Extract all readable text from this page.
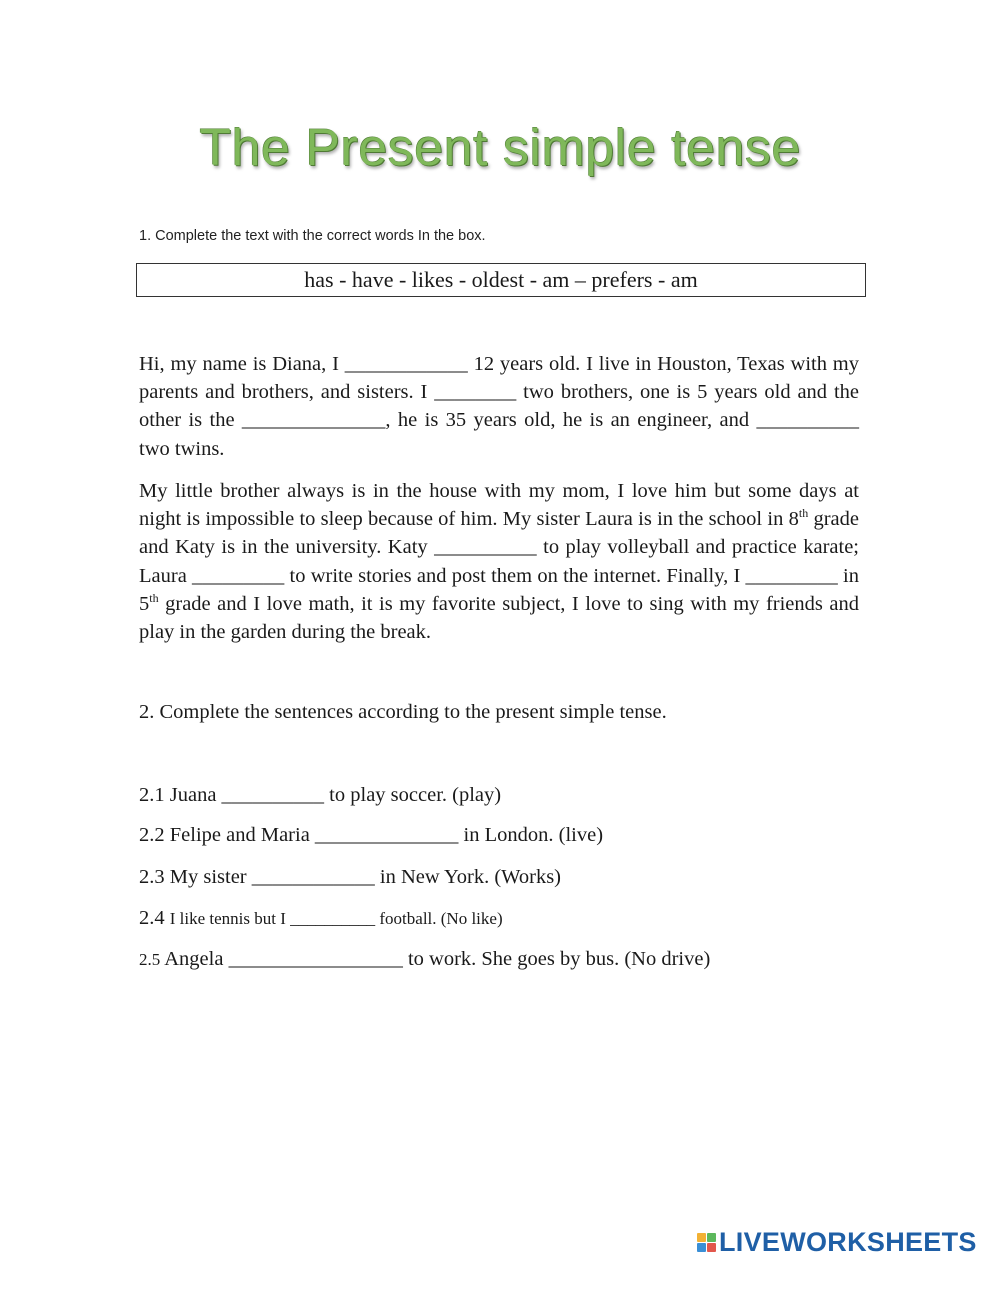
The Present simple tense
1. Complete the text with the correct words In the box.
has - have - likes - oldest - am – prefers - am
Hi, my name is Diana, I ____________ 12 years old. I live in Houston, Texas with my parents and brothers, and sisters. I ________ two brothers, one is 5 years old and the other is the ______________, he is 35 years old, he is an engineer, and __________ two twins.
My little brother always is in the house with my mom, I love him but some days at night is impossible to sleep because of him. My sister Laura is in the school in 8th grade and Katy is in the university. Katy __________ to play volleyball and practice karate; Laura _________ to write stories and post them on the internet. Finally, I _________ in 5th grade and I love math, it is my favorite subject, I love to sing with my friends and play in the garden during the break.
2. Complete the sentences according to the present simple tense.
2.1 Juana __________ to play soccer. (play)
2.2 Felipe and Maria ______________ in London. (live)
2.3 My sister ____________ in New York. (Works)
2.4 I like tennis but I __________ football. (No like)
2.5 Angela _________________ to work. She goes by bus. (No drive)
LIVEWORKSHEETS
